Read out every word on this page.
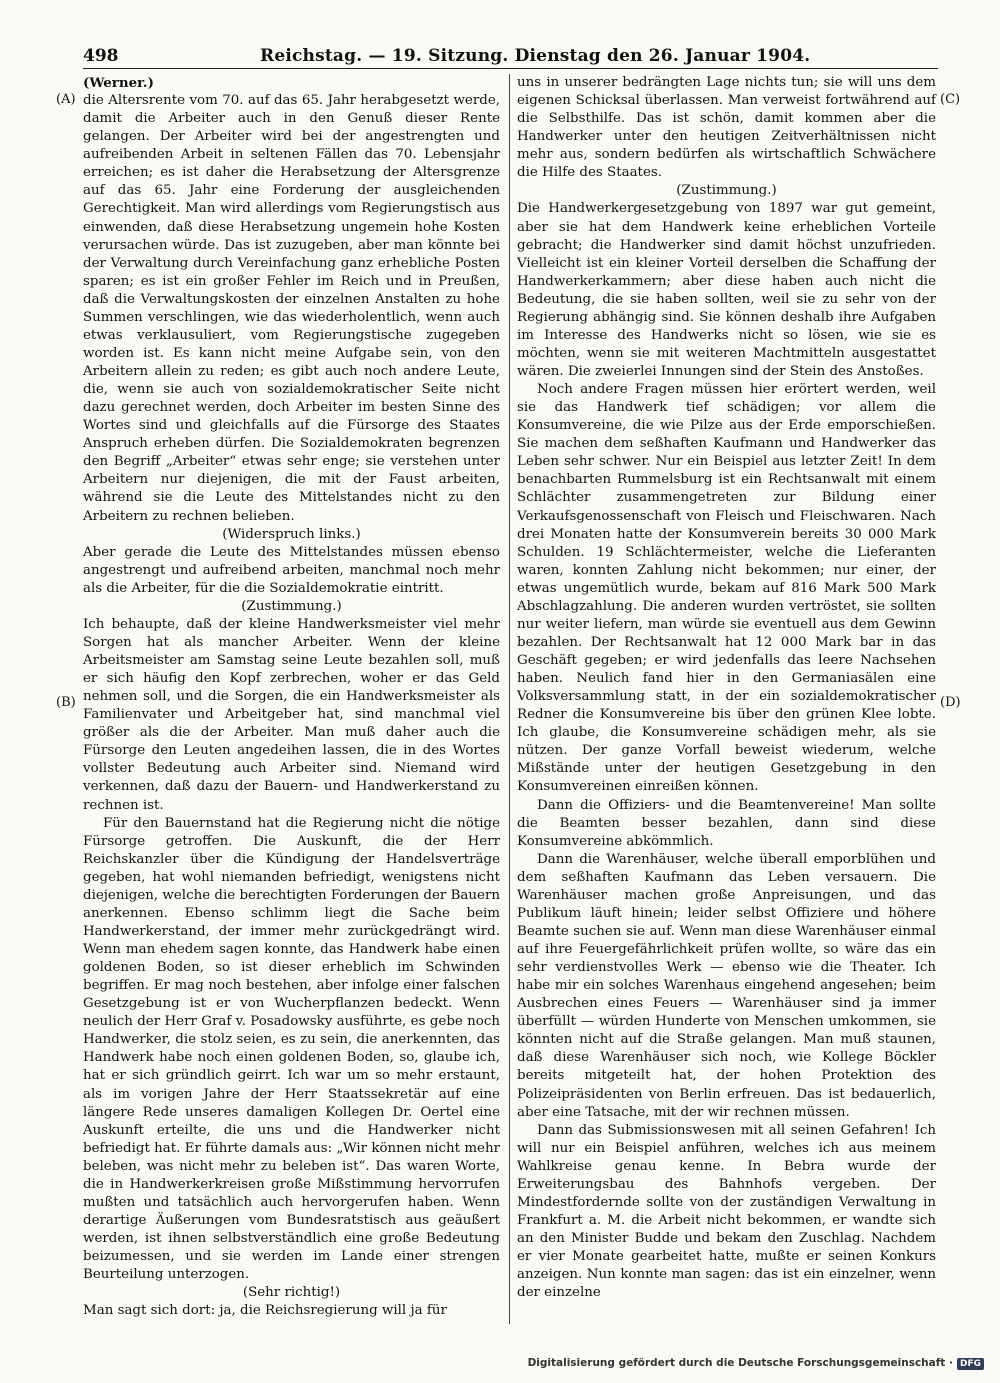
498	Reichstag. — 19. Sitzung. Dienstag den 26. Januar 1904.
(A)
(B)
(C)
(D)

(Werner.)

die Altersrente vom 70. auf das 65. Jahr herabgesetzt werde, damit die Arbeiter auch in den Genuß dieser Rente gelangen. Der Arbeiter wird bei der angestrengten und aufreibenden Arbeit in seltenen Fällen das 70. Lebensjahr erreichen; es ist daher die Herabsetzung der Altersgrenze auf das 65. Jahr eine Forderung der ausgleichenden Gerechtigkeit. Man wird allerdings vom Regierungstisch aus einwenden, daß diese Herabsetzung ungemein hohe Kosten verursachen würde. Das ist zuzugeben, aber man könnte bei der Verwaltung durch Vereinfachung ganz erhebliche Posten sparen; es ist ein großer Fehler im Reich und in Preußen, daß die Verwaltungskosten der einzelnen Anstalten zu hohe Summen verschlingen, wie das wiederholentlich, wenn auch etwas verklausuliert, vom Regierungstische zugegeben worden ist. Es kann nicht meine Aufgabe sein, von den Arbeitern allein zu reden; es gibt auch noch andere Leute, die, wenn sie auch von sozialdemokratischer Seite nicht dazu gerechnet werden, doch Arbeiter im besten Sinne des Wortes sind und gleichfalls auf die Fürsorge des Staates Anspruch erheben dürfen. Die Sozialdemokraten begrenzen den Begriff „Arbeiter“ etwas sehr enge; sie verstehen unter Arbeitern nur diejenigen, die mit der Faust arbeiten, während sie die Leute des Mittelstandes nicht zu den Arbeitern zu rechnen belieben.

(Widerspruch links.)

Aber gerade die Leute des Mittelstandes müssen ebenso angestrengt und aufreibend arbeiten, manchmal noch mehr als die Arbeiter, für die die Sozialdemokratie eintritt.

(Zustimmung.)

Ich behaupte, daß der kleine Handwerksmeister viel mehr Sorgen hat als mancher Arbeiter. Wenn der kleine Arbeitsmeister am Samstag seine Leute bezahlen soll, muß er sich häufig den Kopf zerbrechen, woher er das Geld nehmen soll, und die Sorgen, die ein Handwerksmeister als Familienvater und Arbeitgeber hat, sind manchmal viel größer als die der Arbeiter. Man muß daher auch die Fürsorge den Leuten angedeihen lassen, die in des Wortes vollster Bedeutung auch Arbeiter sind. Niemand wird verkennen, daß dazu der Bauern- und Handwerkerstand zu rechnen ist.

Für den Bauernstand hat die Regierung nicht die nötige Fürsorge getroffen. Die Auskunft, die der Herr Reichskanzler über die Kündigung der Handelsverträge gegeben, hat wohl niemanden befriedigt, wenigstens nicht diejenigen, welche die berechtigten Forderungen der Bauern anerkennen. Ebenso schlimm liegt die Sache beim Handwerkerstand, der immer mehr zurückgedrängt wird. Wenn man ehedem sagen konnte, das Handwerk habe einen goldenen Boden, so ist dieser erheblich im Schwinden begriffen. Er mag noch bestehen, aber infolge einer falschen Gesetzgebung ist er von Wucherpflanzen bedeckt. Wenn neulich der Herr Graf v. Posadowsky ausführte, es gebe noch Handwerker, die stolz seien, es zu sein, die anerkennten, das Handwerk habe noch einen goldenen Boden, so, glaube ich, hat er sich gründlich geirrt. Ich war um so mehr erstaunt, als im vorigen Jahre der Herr Staatssekretär auf eine längere Rede unseres damaligen Kollegen Dr. Oertel eine Auskunft erteilte, die uns und die Handwerker nicht befriedigt hat. Er führte damals aus: „Wir können nicht mehr beleben, was nicht mehr zu beleben ist“. Das waren Worte, die in Handwerkerkreisen große Mißstimmung hervorrufen mußten und tatsächlich auch hervorgerufen haben. Wenn derartige Äußerungen vom Bundesratstisch aus geäußert werden, ist ihnen selbstverständlich eine große Bedeutung beizumessen, und sie werden im Lande einer strengen Beurteilung unterzogen.

(Sehr richtig!)

Man sagt sich dort: ja, die Reichsregierung will ja für

uns in unserer bedrängten Lage nichts tun; sie will uns dem eigenen Schicksal überlassen. Man verweist fortwährend auf die Selbsthilfe. Das ist schön, damit kommen aber die Handwerker unter den heutigen Zeitverhältnissen nicht mehr aus, sondern bedürfen als wirtschaftlich Schwächere die Hilfe des Staates.

(Zustimmung.)

Die Handwerkergesetzgebung von 1897 war gut gemeint, aber sie hat dem Handwerk keine erheblichen Vorteile gebracht; die Handwerker sind damit höchst unzufrieden. Vielleicht ist ein kleiner Vorteil derselben die Schaffung der Handwerkerkammern; aber diese haben auch nicht die Bedeutung, die sie haben sollten, weil sie zu sehr von der Regierung abhängig sind. Sie können deshalb ihre Aufgaben im Interesse des Handwerks nicht so lösen, wie sie es möchten, wenn sie mit weiteren Machtmitteln ausgestattet wären. Die zweierlei Innungen sind der Stein des Anstoßes.

Noch andere Fragen müssen hier erörtert werden, weil sie das Handwerk tief schädigen; vor allem die Konsumvereine, die wie Pilze aus der Erde emporschießen. Sie machen dem seßhaften Kaufmann und Handwerker das Leben sehr schwer. Nur ein Beispiel aus letzter Zeit! In dem benachbarten Rummelsburg ist ein Rechtsanwalt mit einem Schlächter zusammengetreten zur Bildung einer Verkaufsgenossenschaft von Fleisch und Fleischwaren. Nach drei Monaten hatte der Konsumverein bereits 30 000 Mark Schulden. 19 Schlächtermeister, welche die Lieferanten waren, konnten Zahlung nicht bekommen; nur einer, der etwas ungemütlich wurde, bekam auf 816 Mark 500 Mark Abschlagzahlung. Die anderen wurden vertröstet, sie sollten nur weiter liefern, man würde sie eventuell aus dem Gewinn bezahlen. Der Rechtsanwalt hat 12 000 Mark bar in das Geschäft gegeben; er wird jedenfalls das leere Nachsehen haben. Neulich fand hier in den Germaniasälen eine Volksversammlung statt, in der ein sozialdemokratischer Redner die Konsumvereine bis über den grünen Klee lobte. Ich glaube, die Konsumvereine schädigen mehr, als sie nützen. Der ganze Vorfall beweist wiederum, welche Mißstände unter der heutigen Gesetzgebung in den Konsumvereinen einreißen können.

Dann die Offiziers- und die Beamtenvereine! Man sollte die Beamten besser bezahlen, dann sind diese Konsumvereine abkömmlich.

Dann die Warenhäuser, welche überall emporblühen und dem seßhaften Kaufmann das Leben versauern. Die Warenhäuser machen große Anpreisungen, und das Publikum läuft hinein; leider selbst Offiziere und höhere Beamte suchen sie auf. Wenn man diese Warenhäuser einmal auf ihre Feuergefährlichkeit prüfen wollte, so wäre das ein sehr verdienstvolles Werk — ebenso wie die Theater. Ich habe mir ein solches Warenhaus eingehend angesehen; beim Ausbrechen eines Feuers — Warenhäuser sind ja immer überfüllt — würden Hunderte von Menschen umkommen, sie könnten nicht auf die Straße gelangen. Man muß staunen, daß diese Warenhäuser sich noch, wie Kollege Böckler bereits mitgeteilt hat, der hohen Protektion des Polizeipräsidenten von Berlin erfreuen. Das ist bedauerlich, aber eine Tatsache, mit der wir rechnen müssen.

Dann das Submissionswesen mit all seinen Gefahren! Ich will nur ein Beispiel anführen, welches ich aus meinem Wahlkreise genau kenne. In Bebra wurde der Erweiterungsbau des Bahnhofs vergeben. Der Mindestfordernde sollte von der zuständigen Verwaltung in Frankfurt a. M. die Arbeit nicht bekommen, er wandte sich an den Minister Budde und bekam den Zuschlag. Nachdem er vier Monate gearbeitet hatte, mußte er seinen Konkurs anzeigen. Nun konnte man sagen: das ist ein einzelner, wenn der einzelne

Digitalisierung gefördert durch die Deutsche Forschungsgemeinschaft · DFG
